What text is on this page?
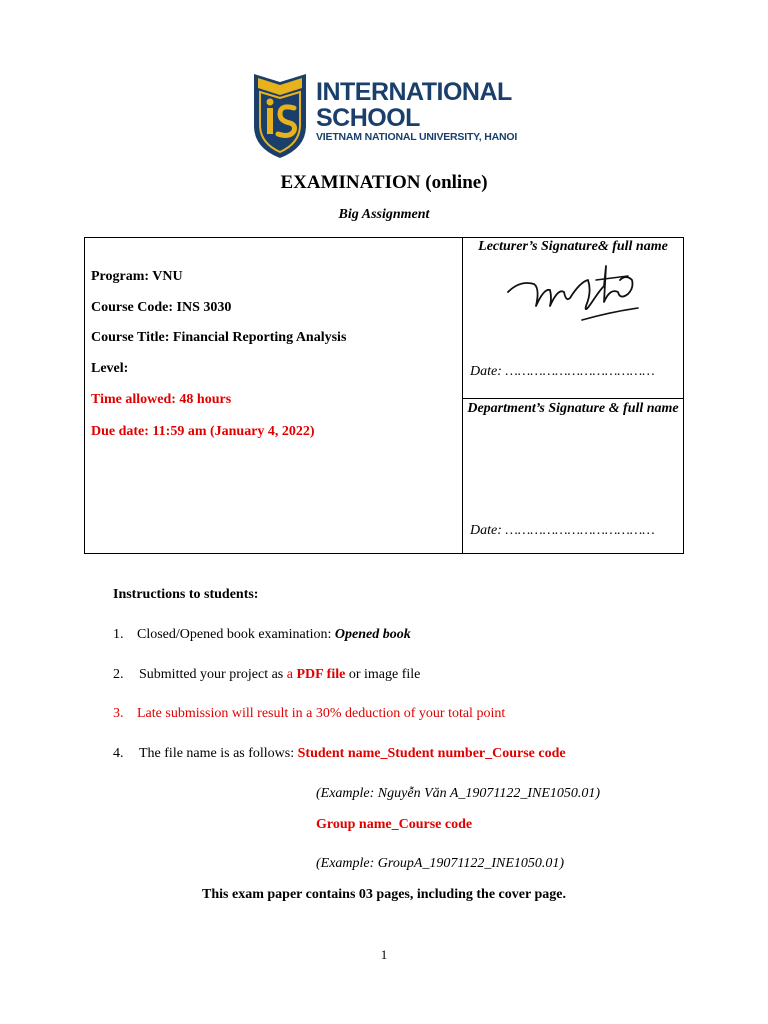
INTERNATIONAL
SCHOOL
VIETNAM NATIONAL UNIVERSITY, HANOI
EXAMINATION (online)
Big Assignment
Program: VNU
Course Code: INS 3030
Course Title: Financial Reporting Analysis
Level:
Time allowed: 48 hours
Due date: 11:59 am (January 4, 2022)
Lecturer’s Signature& full name
Date: ………………………………
Department’s Signature & full name
Date: ………………………………
Instructions to students:
1. Closed/Opened book examination: Opened book
2. Submitted your project as a PDF file or image file
3. Late submission will result in a 30% deduction of your total point
4. The file name is as follows: Student name_Student number_Course code
(Example: Nguyễn Văn A_19071122_INE1050.01)
Group name_Course code
(Example: GroupA_19071122_INE1050.01)
This exam paper contains 03 pages, including the cover page.
1
